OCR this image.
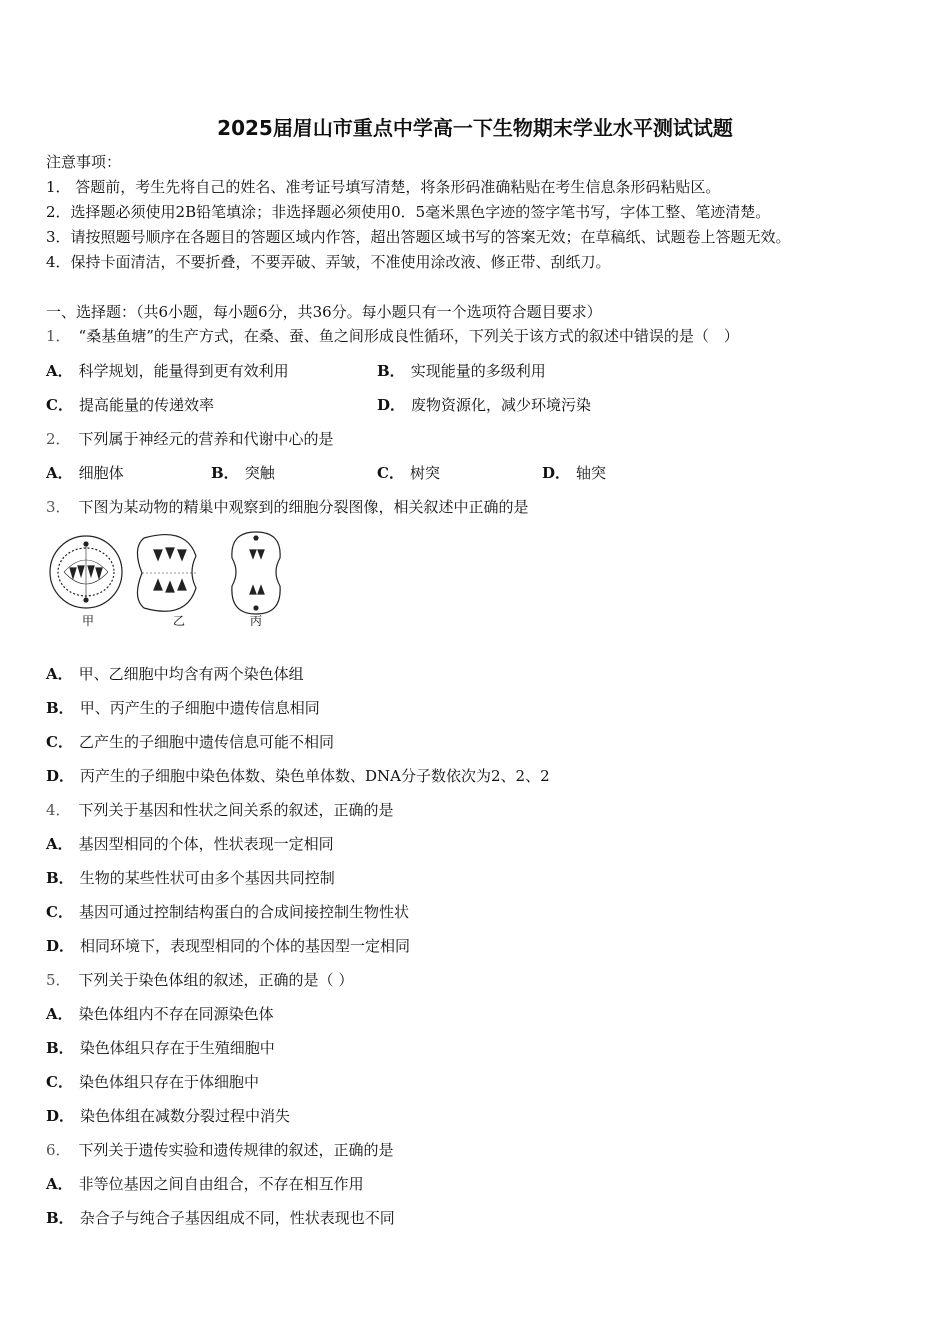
2025届眉山市重点中学高一下生物期末学业水平测试试题
注意事项：
1． 答题前，考生先将自己的姓名、准考证号填写清楚，将条形码准确粘贴在考生信息条形码粘贴区。
2．选择题必须使用2B铅笔填涂；非选择题必须使用0．5毫米黑色字迹的签字笔书写，字体工整、笔迹清楚。
3．请按照题号顺序在各题目的答题区域内作答，超出答题区域书写的答案无效；在草稿纸、试题卷上答题无效。
4．保持卡面清洁，不要折叠，不要弄破、弄皱，不准使用涂改液、修正带、刮纸刀。
一、选择题：（共6小题，每小题6分，共36分。每小题只有一个选项符合题目要求）
1． “桑基鱼塘”的生产方式，在桑、蚕、鱼之间形成良性循环，下列关于该方式的叙述中错误的是（　）
A． 科学规划，能量得到更有效利用	B． 实现能量的多级利用
C． 提高能量的传递效率	D． 废物资源化，减少环境污染
2． 下列属于神经元的营养和代谢中心的是
A． 细胞体	B． 突触	C． 树突	D． 轴突
3． 下图为某动物的精巢中观察到的细胞分裂图像，相关叙述中正确的是
甲	乙	丙
A． 甲、乙细胞中均含有两个染色体组
B． 甲、丙产生的子细胞中遗传信息相同
C． 乙产生的子细胞中遗传信息可能不相同
D． 丙产生的子细胞中染色体数、染色单体数、DNA分子数依次为2、2、2
4． 下列关于基因和性状之间关系的叙述，正确的是
A． 基因型相同的个体，性状表现一定相同
B． 生物的某些性状可由多个基因共同控制
C． 基因可通过控制结构蛋白的合成间接控制生物性状
D． 相同环境下，表现型相同的个体的基因型一定相同
5． 下列关于染色体组的叙述，正确的是（ ）
A． 染色体组内不存在同源染色体
B． 染色体组只存在于生殖细胞中
C． 染色体组只存在于体细胞中
D． 染色体组在减数分裂过程中消失
6． 下列关于遗传实验和遗传规律的叙述，正确的是
A． 非等位基因之间自由组合，不存在相互作用
B． 杂合子与纯合子基因组成不同，性状表现也不同
